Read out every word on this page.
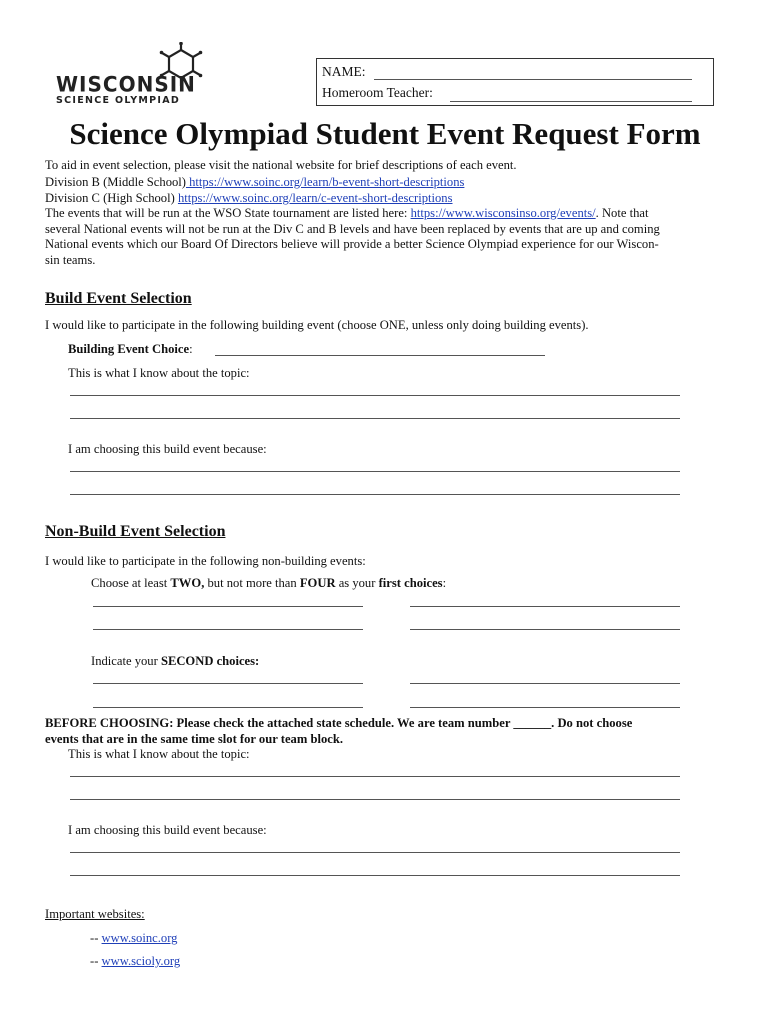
WISCONSIN
SCIENCE OLYMPIAD
NAME:
Homeroom Teacher:
Science Olympiad Student Event Request Form
To aid in event selection, please visit the national website for brief descriptions of each event.
Division B (Middle School) https://www.soinc.org/learn/b-event-short-descriptions
Division C (High School) https://www.soinc.org/learn/c-event-short-descriptions
The events that will be run at the WSO State tournament are listed here: https://www.wisconsinso.org/events/. Note that
several National events will not be run at the Div C and B levels and have been replaced by events that are up and coming
National events which our Board Of Directors believe will provide a better Science Olympiad experience for our Wiscon-
sin teams.
Build Event Selection
I would like to participate in the following building event (choose ONE, unless only doing building events).
Building Event Choice:
This is what I know about the topic:
I am choosing this build event because:
Non-Build Event Selection
I would like to participate in the following non-building events:
Choose at least TWO, but not more than FOUR as your first choices:
Indicate your SECOND choices:
BEFORE CHOOSING: Please check the attached state schedule. We are team number ______. Do not choose
events that are in the same time slot for our team block.
This is what I know about the topic:
I am choosing this build event because:
Important websites:
-- www.soinc.org
-- www.scioly.org
